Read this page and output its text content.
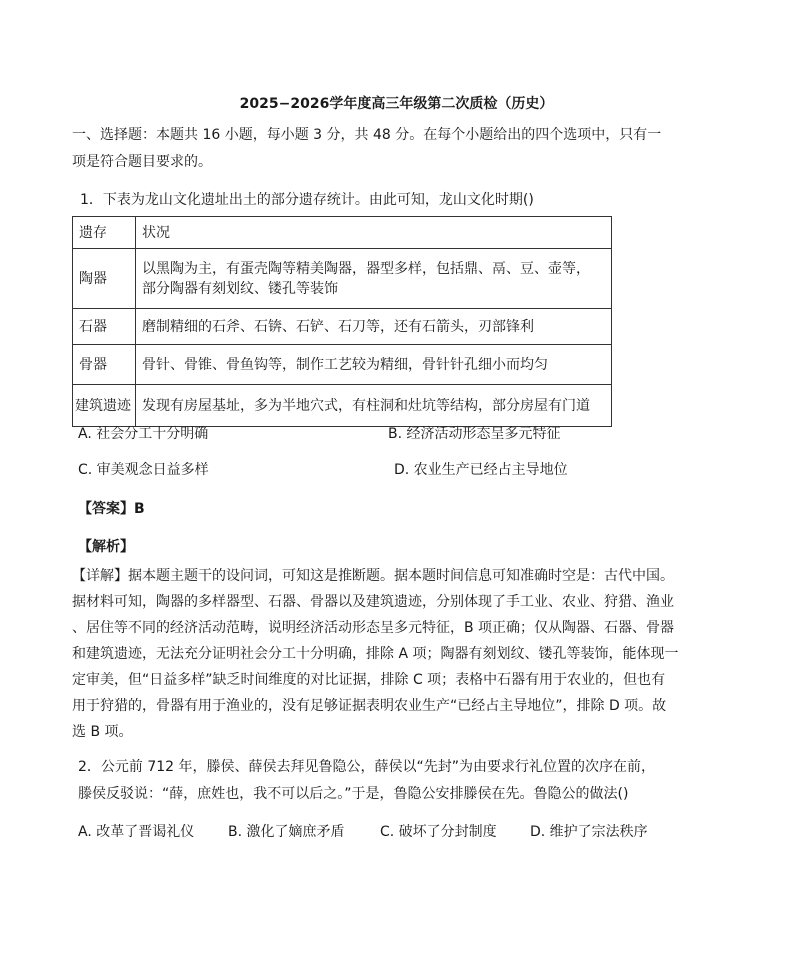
2025−2026学年度高三年级第二次质检（历史）
一、选择题：本题共 16 小题，每小题 3 分，共 48 分。在每个小题给出的四个选项中，只有一
项是符合题目要求的。
1．下表为龙山文化遗址出土的部分遗存统计。由此可知，龙山文化时期()
遗存	状况
陶器	以黑陶为主，有蛋壳陶等精美陶器，器型多样，包括鼎、鬲、豆、壶等，
部分陶器有刻划纹、镂孔等装饰

石器	磨制精细的石斧、石锛、石铲、石刀等，还有石箭头，刃部锋利
骨器	骨针、骨锥、骨鱼钩等，制作工艺较为精细，骨针针孔细小而均匀
建筑遗迹	发现有房屋基址，多为半地穴式，有柱洞和灶坑等结构，部分房屋有门道
A. 社会分工十分明确	B. 经济活动形态呈多元特征
C. 审美观念日益多样	D. 农业生产已经占主导地位
【答案】B
【解析】
【详解】据本题主题干的设问词，可知这是推断题。据本题时间信息可知准确时空是：古代中国。
据材料可知，陶器的多样器型、石器、骨器以及建筑遗迹，分别体现了手工业、农业、狩猎、渔业
、居住等不同的经济活动范畴，说明经济活动形态呈多元特征，B 项正确；仅从陶器、石器、骨器
和建筑遗迹，无法充分证明社会分工十分明确，排除 A 项；陶器有刻划纹、镂孔等装饰，能体现一
定审美，但“日益多样”缺乏时间维度的对比证据，排除 C 项；表格中石器有用于农业的，但也有
用于狩猎的，骨器有用于渔业的，没有足够证据表明农业生产“已经占主导地位”，排除 D 项。故
选 B 项。
2．公元前 712 年，滕侯、薛侯去拜见鲁隐公，薛侯以“先封”为由要求行礼位置的次序在前，
滕侯反驳说：“薛，庶姓也，我不可以后之。”于是，鲁隐公安排滕侯在先。鲁隐公的做法()
A. 改革了晋谒礼仪 B. 激化了嫡庶矛盾	C. 破坏了分封制度 D. 维护了宗法秩序
